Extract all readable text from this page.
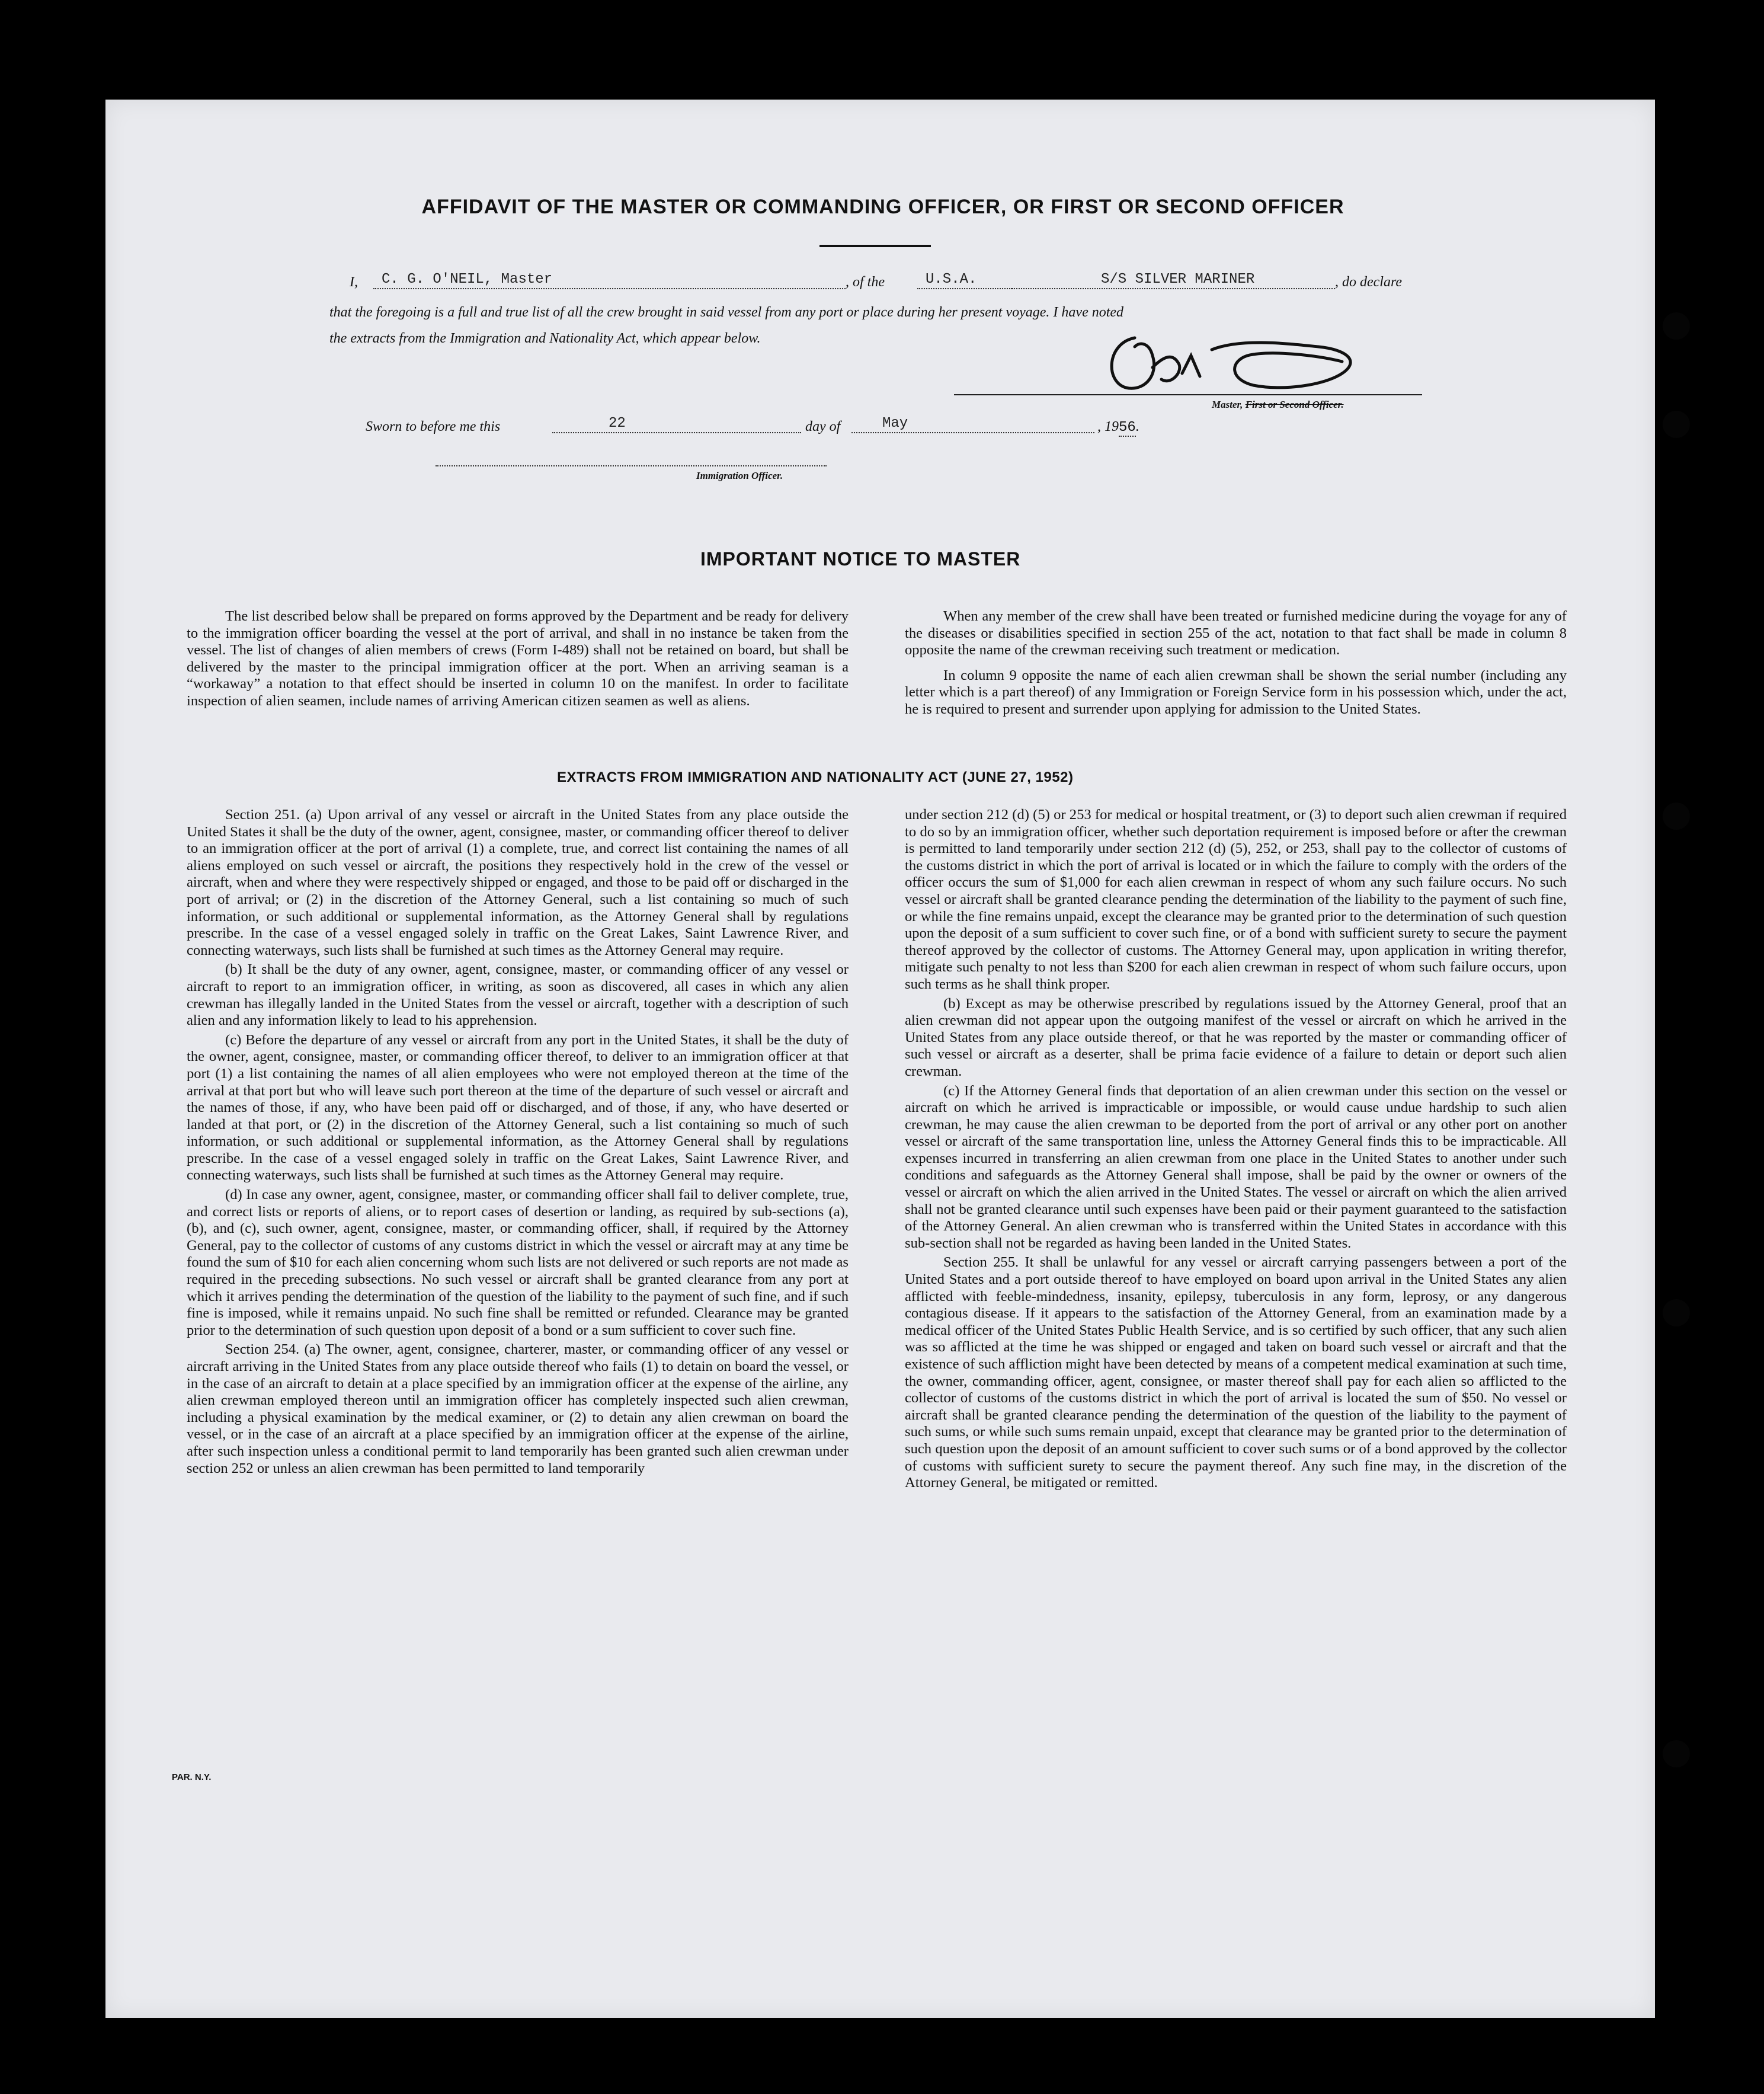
AFFIDAVIT OF THE MASTER OR COMMANDING OFFICER, OR FIRST OR SECOND OFFICER
I,	C. G. O'NEIL, Master	, of the	U.S.A.	S/S SILVER MARINER	, do declare
that the foregoing is a full and true list of all the crew brought in said vessel from any port or place during her present voyage. I have noted
the extracts from the Immigration and Nationality Act, which appear below.
Master, First or Second Officer.
Sworn to before me this	22	day of	May	, 1956.
Immigration Officer.
IMPORTANT NOTICE TO MASTER

The list described below shall be prepared on forms approved by the Department and be ready for delivery to the immigration officer boarding the vessel at the port of arrival, and shall in no instance be taken from the vessel. The list of changes of alien members of crews (Form I-489) shall not be retained on board, but shall be delivered by the master to the principal immigration officer at the port. When an arriving seaman is a “workaway” a notation to that effect should be inserted in column 10 on the manifest. In order to facilitate inspection of alien seamen, include names of arriving American citizen seamen as well as aliens.

When any member of the crew shall have been treated or furnished medicine during the voyage for any of the diseases or disabilities specified in section 255 of the act, notation to that fact shall be made in column 8 opposite the name of the crewman receiving such treatment or medication.

In column 9 opposite the name of each alien crewman shall be shown the serial number (including any letter which is a part thereof) of any Immigration or Foreign Service form in his possession which, under the act, he is required to present and surrender upon applying for admission to the United States.

EXTRACTS FROM IMMIGRATION AND NATIONALITY ACT (JUNE 27, 1952)

Section 251. (a) Upon arrival of any vessel or aircraft in the United States from any place outside the United States it shall be the duty of the owner, agent, consignee, master, or commanding officer thereof to deliver to an immigration officer at the port of arrival (1) a complete, true, and correct list containing the names of all aliens employed on such vessel or aircraft, the positions they respectively hold in the crew of the vessel or aircraft, when and where they were respectively shipped or engaged, and those to be paid off or discharged in the port of arrival; or (2) in the discretion of the Attorney General, such a list containing so much of such information, or such additional or supplemental information, as the Attorney General shall by regulations prescribe. In the case of a vessel engaged solely in traffic on the Great Lakes, Saint Lawrence River, and connecting waterways, such lists shall be furnished at such times as the Attorney General may require.

(b) It shall be the duty of any owner, agent, consignee, master, or commanding officer of any vessel or aircraft to report to an immigration officer, in writing, as soon as discovered, all cases in which any alien crewman has illegally landed in the United States from the vessel or aircraft, together with a description of such alien and any information likely to lead to his apprehension.

(c) Before the departure of any vessel or aircraft from any port in the United States, it shall be the duty of the owner, agent, consignee, master, or commanding officer thereof, to deliver to an immigration officer at that port (1) a list containing the names of all alien employees who were not employed thereon at the time of the arrival at that port but who will leave such port thereon at the time of the departure of such vessel or aircraft and the names of those, if any, who have been paid off or discharged, and of those, if any, who have deserted or landed at that port, or (2) in the discretion of the Attorney General, such a list containing so much of such information, or such additional or supplemental information, as the Attorney General shall by regulations prescribe. In the case of a vessel engaged solely in traffic on the Great Lakes, Saint Lawrence River, and connecting waterways, such lists shall be furnished at such times as the Attorney General may require.

(d) In case any owner, agent, consignee, master, or commanding officer shall fail to deliver complete, true, and correct lists or reports of aliens, or to report cases of desertion or landing, as required by sub-sections (a), (b), and (c), such owner, agent, consignee, master, or commanding officer, shall, if required by the Attorney General, pay to the collector of customs of any customs district in which the vessel or aircraft may at any time be found the sum of $10 for each alien concerning whom such lists are not delivered or such reports are not made as required in the preceding subsections. No such vessel or aircraft shall be granted clearance from any port at which it arrives pending the determination of the question of the liability to the payment of such fine, and if such fine is imposed, while it remains unpaid. No such fine shall be remitted or refunded. Clearance may be granted prior to the determination of such question upon deposit of a bond or a sum sufficient to cover such fine.

Section 254. (a) The owner, agent, consignee, charterer, master, or commanding officer of any vessel or aircraft arriving in the United States from any place outside thereof who fails (1) to detain on board the vessel, or in the case of an aircraft to detain at a place specified by an immigration officer at the expense of the airline, any alien crewman employed thereon until an immigration officer has completely inspected such alien crewman, including a physical examination by the medical examiner, or (2) to detain any alien crewman on board the vessel, or in the case of an aircraft at a place specified by an immigration officer at the expense of the airline, after such inspection unless a conditional permit to land temporarily has been granted such alien crewman under section 252 or unless an alien crewman has been permitted to land temporarily

under section 212 (d) (5) or 253 for medical or hospital treatment, or (3) to deport such alien crewman if required to do so by an immigration officer, whether such deportation requirement is imposed before or after the crewman is permitted to land temporarily under section 212 (d) (5), 252, or 253, shall pay to the collector of customs of the customs district in which the port of arrival is located or in which the failure to comply with the orders of the officer occurs the sum of $1,000 for each alien crewman in respect of whom any such failure occurs. No such vessel or aircraft shall be granted clearance pending the determination of the liability to the payment of such fine, or while the fine remains unpaid, except the clearance may be granted prior to the determination of such question upon the deposit of a sum sufficient to cover such fine, or of a bond with sufficient surety to secure the payment thereof approved by the collector of customs. The Attorney General may, upon application in writing therefor, mitigate such penalty to not less than $200 for each alien crewman in respect of whom such failure occurs, upon such terms as he shall think proper.

(b) Except as may be otherwise prescribed by regulations issued by the Attorney General, proof that an alien crewman did not appear upon the outgoing manifest of the vessel or aircraft on which he arrived in the United States from any place outside thereof, or that he was reported by the master or commanding officer of such vessel or aircraft as a deserter, shall be prima facie evidence of a failure to detain or deport such alien crewman.

(c) If the Attorney General finds that deportation of an alien crewman under this section on the vessel or aircraft on which he arrived is impracticable or impossible, or would cause undue hardship to such alien crewman, he may cause the alien crewman to be deported from the port of arrival or any other port on another vessel or aircraft of the same transportation line, unless the Attorney General finds this to be impracticable. All expenses incurred in transferring an alien crewman from one place in the United States to another under such conditions and safeguards as the Attorney General shall impose, shall be paid by the owner or owners of the vessel or aircraft on which the alien arrived in the United States. The vessel or aircraft on which the alien arrived shall not be granted clearance until such expenses have been paid or their payment guaranteed to the satisfaction of the Attorney General. An alien crewman who is transferred within the United States in accordance with this sub-section shall not be regarded as having been landed in the United States.

Section 255. It shall be unlawful for any vessel or aircraft carrying passengers between a port of the United States and a port outside thereof to have employed on board upon arrival in the United States any alien afflicted with feeble-mindedness, insanity, epilepsy, tuberculosis in any form, leprosy, or any dangerous contagious disease. If it appears to the satisfaction of the Attorney General, from an examination made by a medical officer of the United States Public Health Service, and is so certified by such officer, that any such alien was so afflicted at the time he was shipped or engaged and taken on board such vessel or aircraft and that the existence of such affliction might have been detected by means of a competent medical examination at such time, the owner, commanding officer, agent, consignee, or master thereof shall pay for each alien so afflicted to the collector of customs of the customs district in which the port of arrival is located the sum of $50. No vessel or aircraft shall be granted clearance pending the determination of the question of the liability to the payment of such sums, or while such sums remain unpaid, except that clearance may be granted prior to the determination of such question upon the deposit of an amount sufficient to cover such sums or of a bond approved by the collector of customs with sufficient surety to secure the payment thereof. Any such fine may, in the discretion of the Attorney General, be mitigated or remitted.

PAR. N.Y.
